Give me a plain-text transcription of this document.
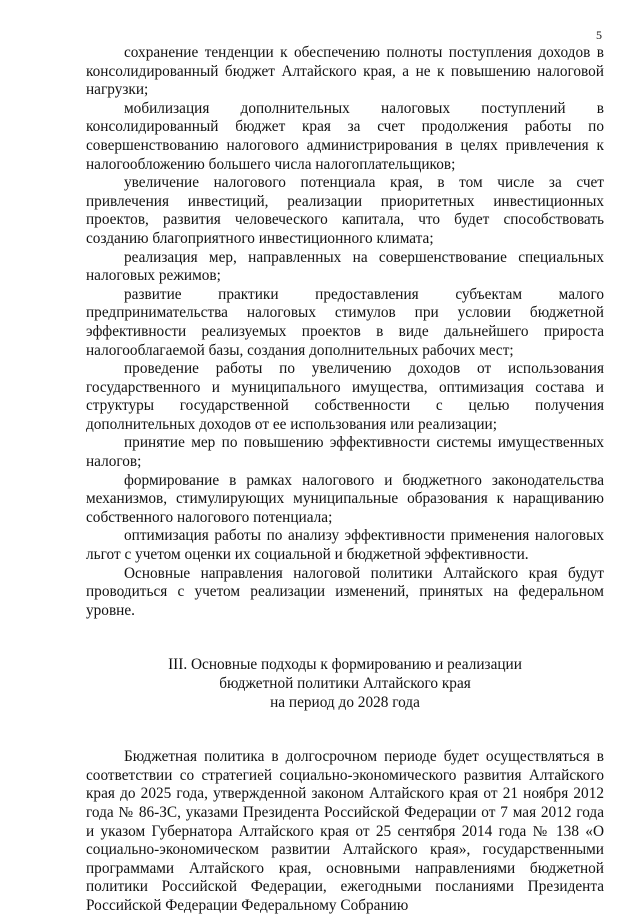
5

сохранение тенденции к обеспечению полноты поступления доходов в консолидированный бюджет Алтайского края, а не к повышению налоговой нагрузки;

мобилизация дополнительных налоговых поступлений в консолидированный бюджет края за счет продолжения работы по совершенствованию налогового администрирования в целях привлечения к налогообложению большего числа налогоплательщиков;

увеличение налогового потенциала края, в том числе за счет привлечения инвестиций, реализации приоритетных инвестиционных проектов, развития человеческого капитала, что будет способствовать созданию благоприятного инвестиционного климата;

реализация мер, направленных на совершенствование специальных налоговых режимов;

развитие практики предоставления субъектам малого предпринимательства налоговых стимулов при условии бюджетной эффективности реализуемых проектов в виде дальнейшего прироста налогооблагаемой базы, создания дополнительных рабочих мест;

проведение работы по увеличению доходов от использования государственного и муниципального имущества, оптимизация состава и структуры государственной собственности с целью получения дополнительных доходов от ее использования или реализации;

принятие мер по повышению эффективности системы имущественных налогов;

формирование в рамках налогового и бюджетного законодательства механизмов, стимулирующих муниципальные образования к наращиванию собственного налогового потенциала;

оптимизация работы по анализу эффективности применения налоговых льгот с учетом оценки их социальной и бюджетной эффективности.

Основные направления налоговой политики Алтайского края будут проводиться с учетом реализации изменений, принятых на федеральном уровне.

III. Основные подходы к формированию и реализации
бюджетной политики Алтайского края
на период до 2028 года

Бюджетная политика в долгосрочном периоде будет осуществляться в соответствии со стратегией социально-экономического развития Алтайского края до 2025 года, утвержденной законом Алтайского края от 21 ноября 2012 года № 86-ЗС, указами Президента Российской Федерации от 7 мая 2012 года и указом Губернатора Алтайского края от 25 сентября 2014 года № 138 «О социально-экономическом развитии Алтайского края», государственными программами Алтайского края, основными направлениями бюджетной политики Российской Федерации, ежегодными посланиями Президента Российской Федерации Федеральному Собранию
